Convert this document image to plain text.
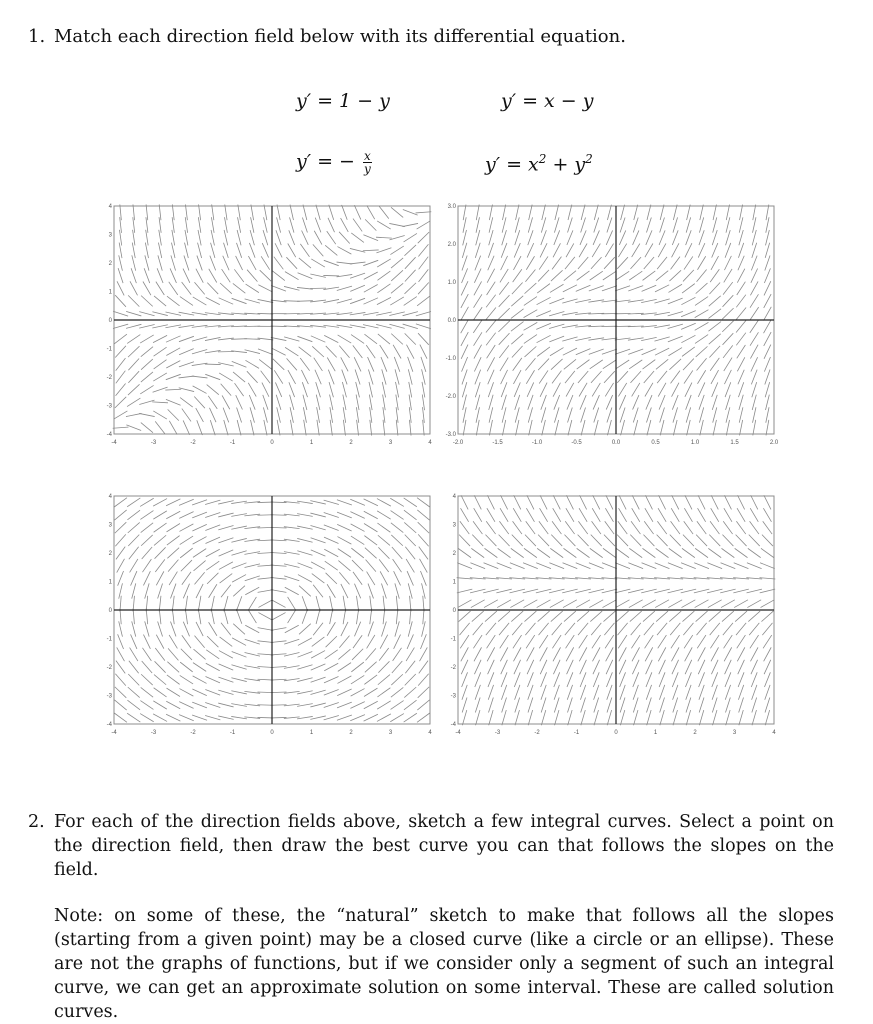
1. Match each direction field below with its differential equation.
y′ = 1 − y	y′ = x − y
y′ = − $\frac{x}{y}$	$y' = x^2 + y^2$
-4	-3	-2	-1	0	1	2	3	4
4
3
2
1
0
-1
-2
-3
-4
-2.0	-1.5	-1.0	-0.5	0.0	0.5	1.0	1.5	2.0
3.0
2.0
1.0
0.0
-1.0
-2.0
-3.0
-4	-3	-2	-1	0	1	2	3	4
4
3
2
1
0
-1
-2
-3
-4
-4	-3	-2	-1	0	1	2	3	4
4
3
2
1
0
-1
-2
-3
-4
2. For each of the direction fields above, sketch a few integral curves. Select a point on the direction field, then draw the best curve you can that follows the slopes on the field.

Note: on some of these, the “natural” sketch to make that follows all the slopes (starting from a given point) may be a closed curve (like a circle or an ellipse). These are not the graphs of functions, but if we consider only a segment of such an integral curve, we can get an approximate solution on some interval. These are called solution curves.
